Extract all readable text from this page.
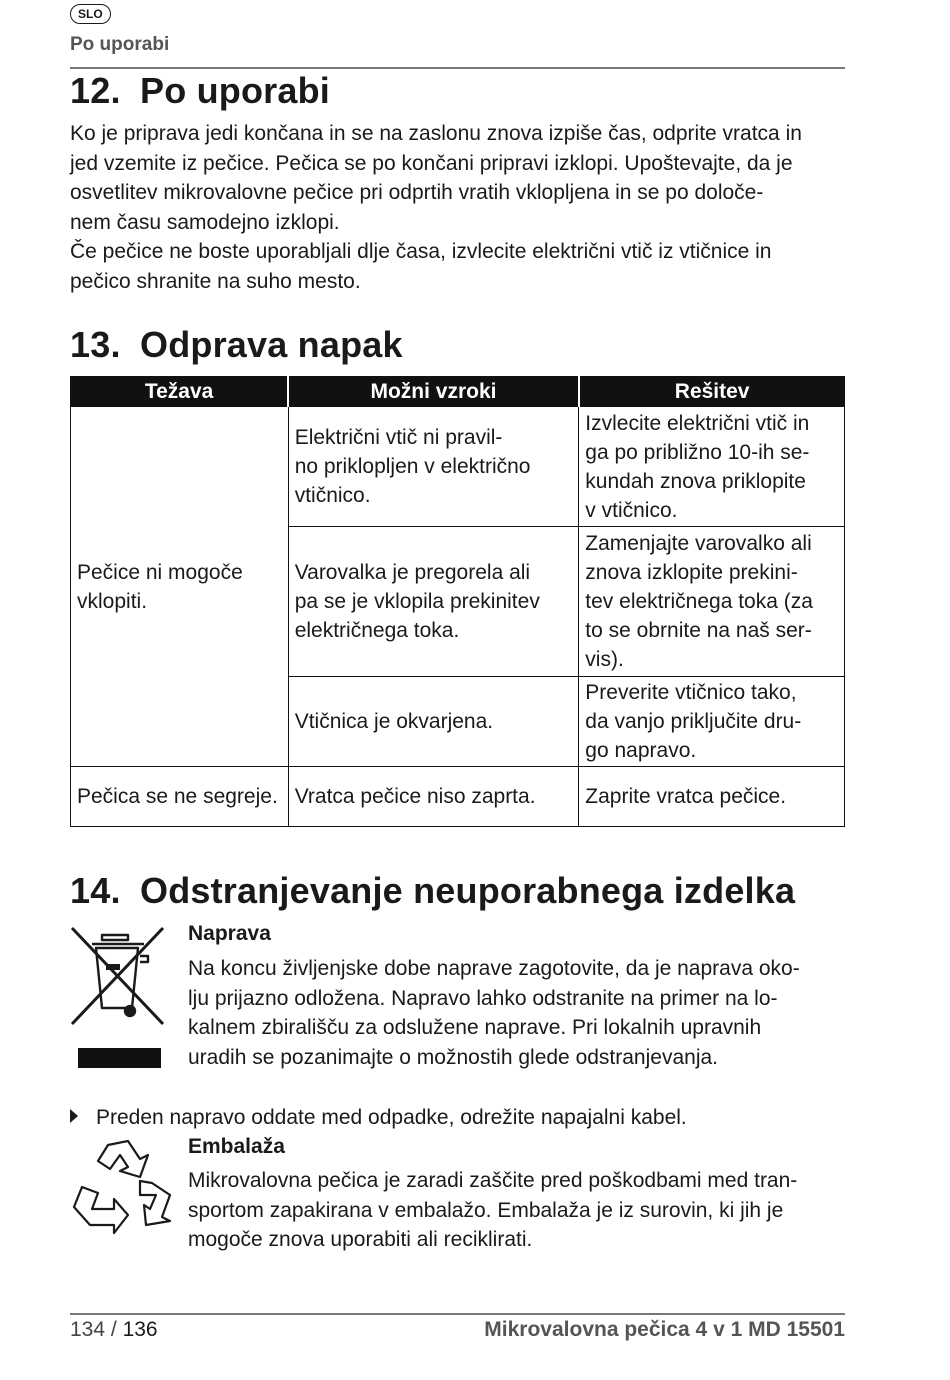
SLO
Po uporabi
12. Po uporabi

Ko je priprava jedi končana in se na zaslonu znova izpiše čas, odprite vratca in
jed vzemite iz pečice. Pečica se po končani pripravi izklopi. Upoštevajte, da je
osvetlitev mikrovalovne pečice pri odprtih vratih vklopljena in se po določe-
nem času samodejno izklopi.

Če pečice ne boste uporabljali dlje časa, izvlecite električni vtič iz vtičnice in
pečico shranite na suho mesto.

13. Odprava napak
Težava	Možni vzroki	Rešitev
Pečice ni mogoče
vklopiti.	Električni vtič ni pravil-
no priklopljen v električno
vtičnico.	Izvlecite električni vtič in
ga po približno 10-ih se-
kundah znova priklopite
v vtičnico.
	Varovalka je pregorela ali
pa se je vklopila prekinitev
električnega toka.	Zamenjajte varovalko ali
znova izklopite prekini-
tev električnega toka (za
to se obrnite na naš ser-
vis).
	Vtičnica je okvarjena.	Preverite vtičnico tako,
da vanjo priključite dru-
go napravo.
Pečica se ne segreje.	Vratca pečice niso zaprta.	Zaprite vratca pečice.
14. Odstranjevanje neuporabnega izdelka
Naprava

Na koncu življenjske dobe naprave zagotovite, da je naprava oko-
lju prijazno odložena. Napravo lahko odstranite na primer na lo-
kalnem zbirališču za odslužene naprave. Pri lokalnih upravnih
uradih se pozanimajte o možnostih glede odstranjevanja.

Preden napravo oddate med odpadke, odrežite napajalni kabel.
Embalaža

Mikrovalovna pečica je zaradi zaščite pred poškodbami med tran-
sportom zapakirana v embalažo. Embalaža je iz surovin, ki jih je
mogoče znova uporabiti ali reciklirati.

134 / 136	Mikrovalovna pečica 4 v 1 MD 15501
